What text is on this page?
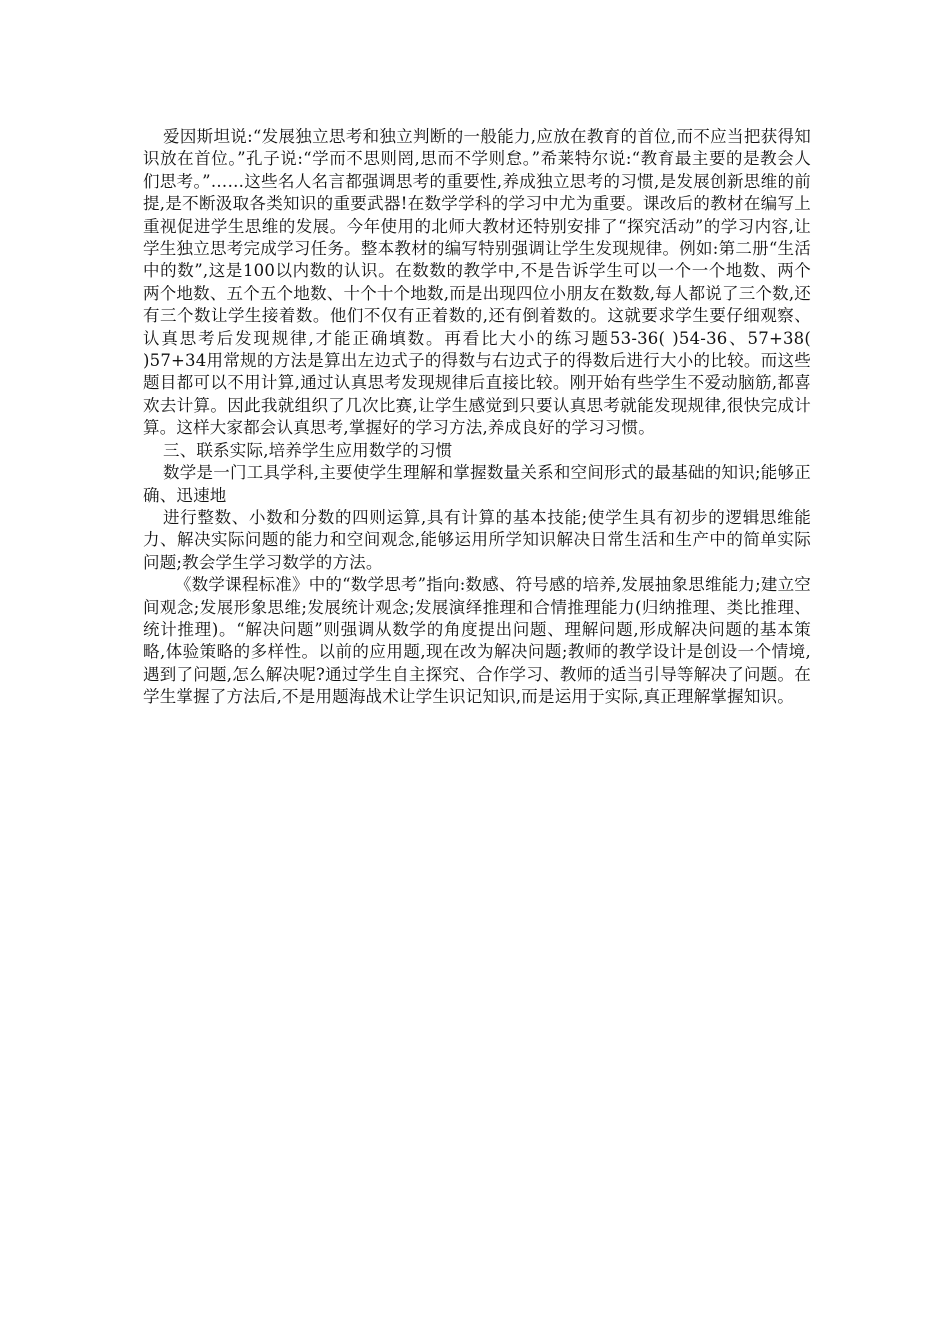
爱因斯坦说:“发展独立思考和独立判断的一般能力,应放在教育的首位,而不应当把获得知识放在首位。”孔子说:“学而不思则罔,思而不学则怠。”希莱特尔说:“教育最主要的是教会人们思考。”……这些名人名言都强调思考的重要性,养成独立思考的习惯,是发展创新思维的前提,是不断汲取各类知识的重要武器!在数学学科的学习中尤为重要。课改后的教材在编写上重视促进学生思维的发展。今年使用的北师大教材还特别安排了“探究活动”的学习内容,让学生独立思考完成学习任务。整本教材的编写特别强调让学生发现规律。例如:第二册“生活中的数”,这是100以内数的认识。在数数的教学中,不是告诉学生可以一个一个地数、两个两个地数、五个五个地数、十个十个地数,而是出现四位小朋友在数数,每人都说了三个数,还有三个数让学生接着数。他们不仅有正着数的,还有倒着数的。这就要求学生要仔细观察、认真思考后发现规律,才能正确填数。再看比大小的练习题53-36( )54-36、57+38( )57+34用常规的方法是算出左边式子的得数与右边式子的得数后进行大小的比较。而这些题目都可以不用计算,通过认真思考发现规律后直接比较。刚开始有些学生不爱动脑筋,都喜欢去计算。因此我就组织了几次比赛,让学生感觉到只要认真思考就能发现规律,很快完成计算。这样大家都会认真思考,掌握好的学习方法,养成良好的学习习惯。

三、联系实际,培养学生应用数学的习惯

数学是一门工具学科,主要使学生理解和掌握数量关系和空间形式的最基础的知识;能够正确、迅速地

进行整数、小数和分数的四则运算,具有计算的基本技能;使学生具有初步的逻辑思维能力、解决实际问题的能力和空间观念,能够运用所学知识解决日常生活和生产中的简单实际问题;教会学生学习数学的方法。

《数学课程标准》中的“数学思考”指向:数感、符号感的培养,发展抽象思维能力;建立空间观念;发展形象思维;发展统计观念;发展演绎推理和合情推理能力(归纳推理、类比推理、统计推理)。“解决问题”则强调从数学的角度提出问题、理解问题,形成解决问题的基本策略,体验策略的多样性。以前的应用题,现在改为解决问题;教师的教学设计是创设一个情境,遇到了问题,怎么解决呢?通过学生自主探究、合作学习、教师的适当引导等解决了问题。在学生掌握了方法后,不是用题海战术让学生识记知识,而是运用于实际,真正理解掌握知识。
